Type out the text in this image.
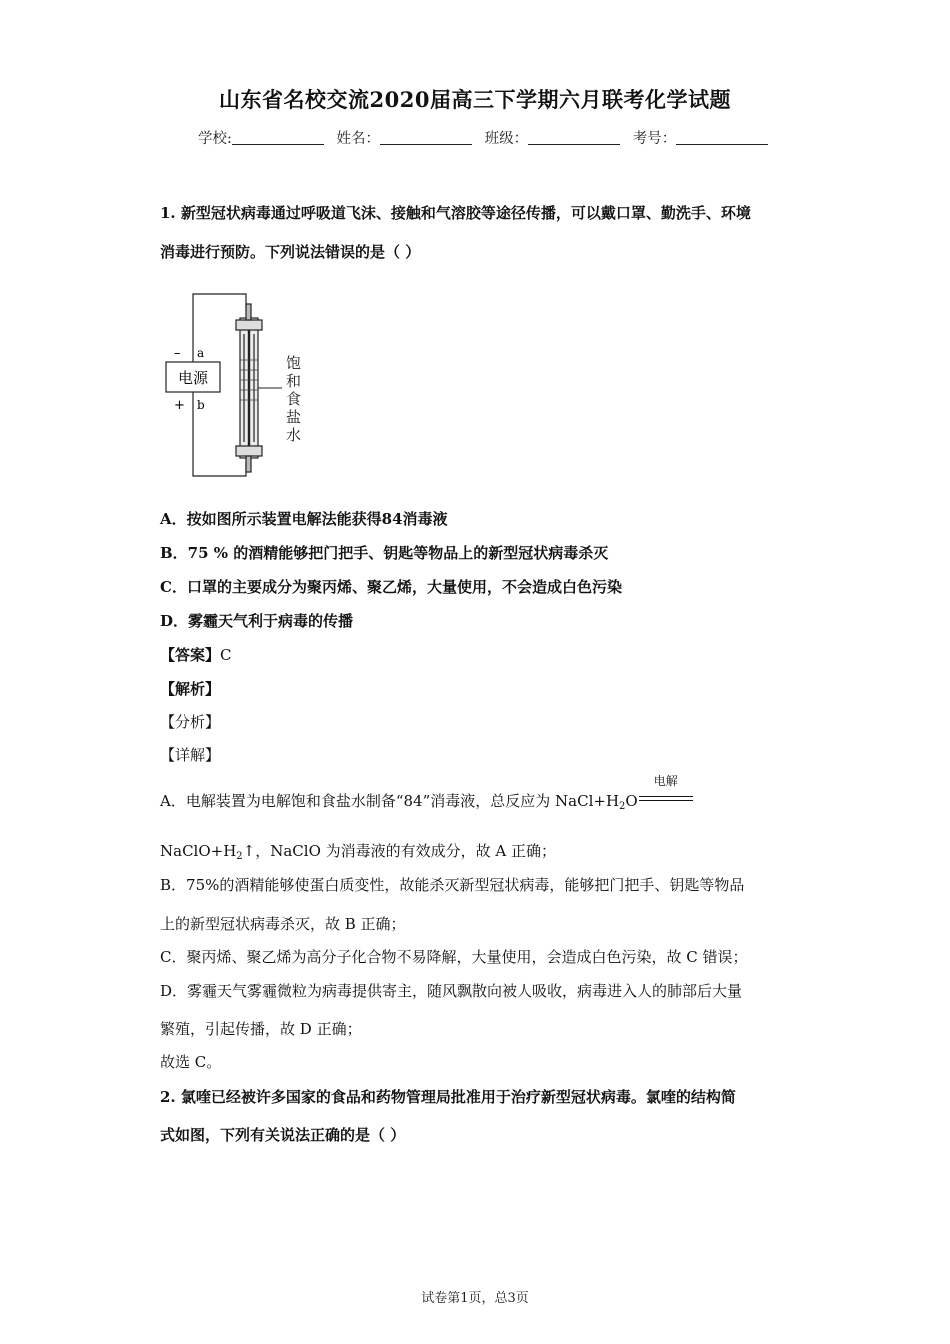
山东省名校交流2020届高三下学期六月联考化学试题
学校:	姓名：	班级：	考号：
1. 新型冠状病毒通过呼吸道飞沫、接触和气溶胶等途径传播，可以戴口罩、勤洗手、环境
消毒进行预防。下列说法错误的是（ ）
电源
– a
+ b
饱
和
食
盐
水
A．按如图所示装置电解法能获得84消毒液
B．75 % 的酒精能够把门把手、钥匙等物品上的新型冠状病毒杀灭
C．口罩的主要成分为聚丙烯、聚乙烯，大量使用，不会造成白色污染
D．雾霾天气利于病毒的传播
【答案】C
【解析】
【分析】
【详解】
A．电解装置为电解饱和食盐水制备“84”消毒液，总反应为 $NaCl+H_2O$
电解
$NaClO+H_2↑$，NaClO 为消毒液的有效成分，故 A 正确；
B．75%的酒精能够使蛋白质变性，故能杀灭新型冠状病毒，能够把门把手、钥匙等物品
上的新型冠状病毒杀灭，故 B 正确；
C．聚丙烯、聚乙烯为高分子化合物不易降解，大量使用，会造成白色污染，故 C 错误；
D．雾霾天气雾霾微粒为病毒提供寄主，随风飘散向被人吸收，病毒进入人的肺部后大量
繁殖，引起传播，故 D 正确；
故选 C。
2. 氯喹已经被许多国家的食品和药物管理局批准用于治疗新型冠状病毒。氯喹的结构简
式如图，下列有关说法正确的是（ ）
试卷第1页，总3页
